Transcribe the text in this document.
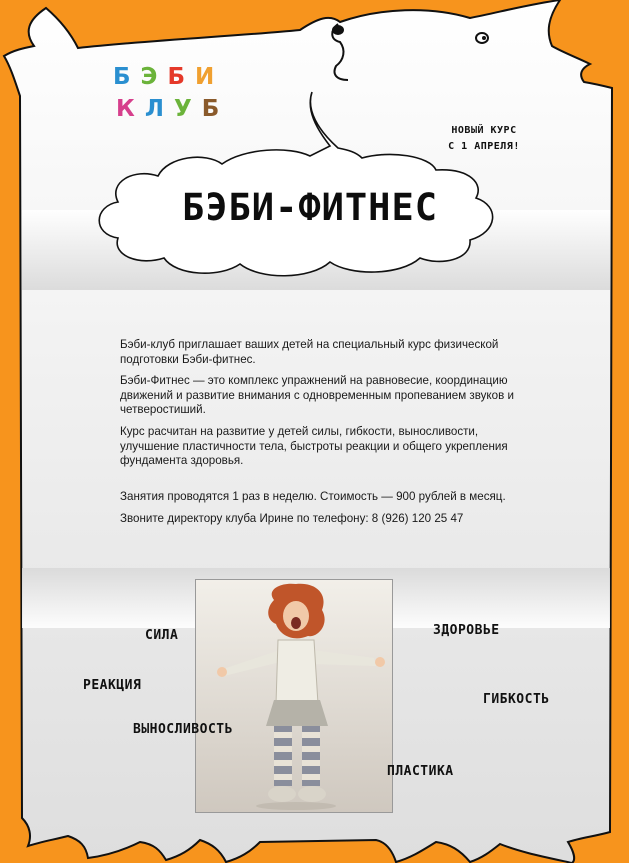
Б Э Б И
К Л У Б
НОВЫЙ КУРС
С 1 АПРЕЛЯ!
БЭБИ-ФИТНЕС

Бэби-клуб приглашает ваших детей на специальный курс физической подготовки Бэби-фитнес.

Бэби-Фитнес — это комплекс упражнений на равновесие, координацию движений и развитие внимания с одновременным пропеванием звуков и четверостиший.

Курс расчитан на развитие у детей силы, гибкости, выносливости, улучшение пластичности тела, быстроты реакции и общего укрепления фундамента здоровья.

Занятия проводятся 1 раз в неделю. Стоимость — 900 рублей в месяц.

Звоните директору клуба Ирине по телефону: 8 (926) 120 25 47

СИЛА	ЗДОРОВЬЕ
РЕАКЦИЯ
ГИБКОСТЬ
ВЫНОСЛИВОСТЬ
ПЛАСТИКА
